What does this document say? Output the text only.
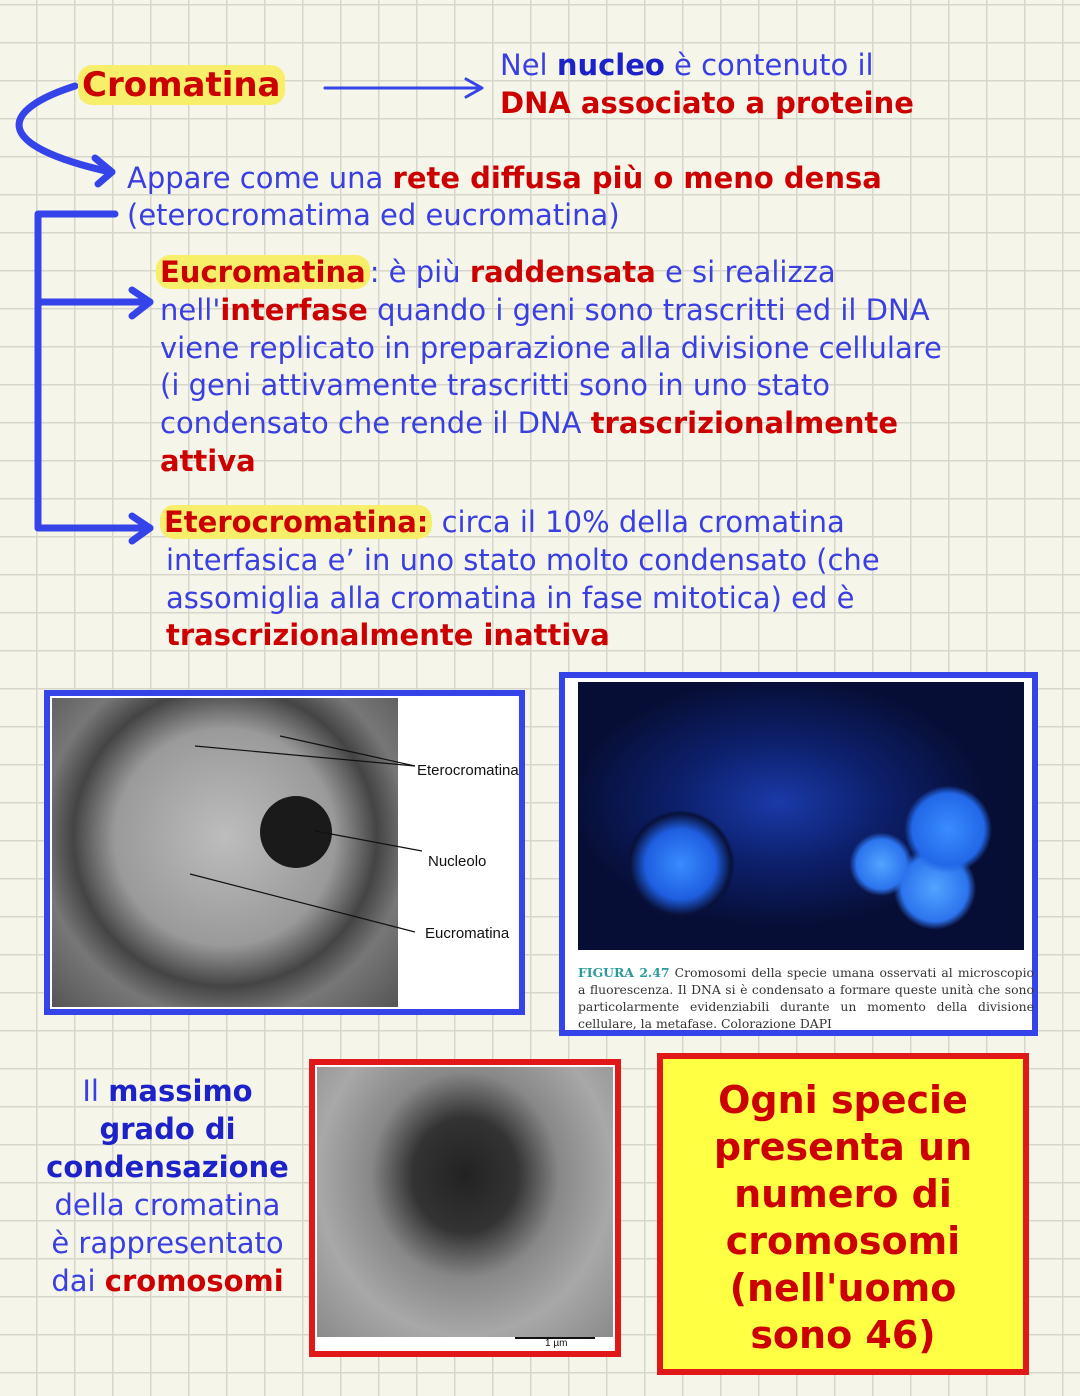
Cromatina	Nel nucleo è contenuto il
DNA associato a proteine
Appare come una rete diffusa più o meno densa
(eterocromatima ed eucromatina)
Eucromatina : è più raddensata e si realizza
nell'interfase quando i geni sono trascritti ed il DNA
viene replicato in preparazione alla divisione cellulare
(i geni attivamente trascritti sono in uno stato
condensato che rende il DNA trascrizionalmente
attiva
Eterocromatina: circa il 10% della cromatina
interfasica e’ in uno stato molto condensato (che
assomiglia alla cromatina in fase mitotica) ed è
trascrizionalmente inattiva
Eterocromatina
Nucleolo
Eucromatina
FIGURA 2.47 Cromosomi della specie umana osservati al microscopio a fluorescenza. Il DNA si è condensato a formare queste unità che sono particolarmente evidenziabili durante un momento della divisione cellulare, la metafase. Colorazione DAPI
Il massimo
grado di
condensazione
della cromatina
è rappresentato
dai cromosomi
1 µm
Ogni specie
presenta un
numero di
cromosomi
(nell'uomo
sono 46)
